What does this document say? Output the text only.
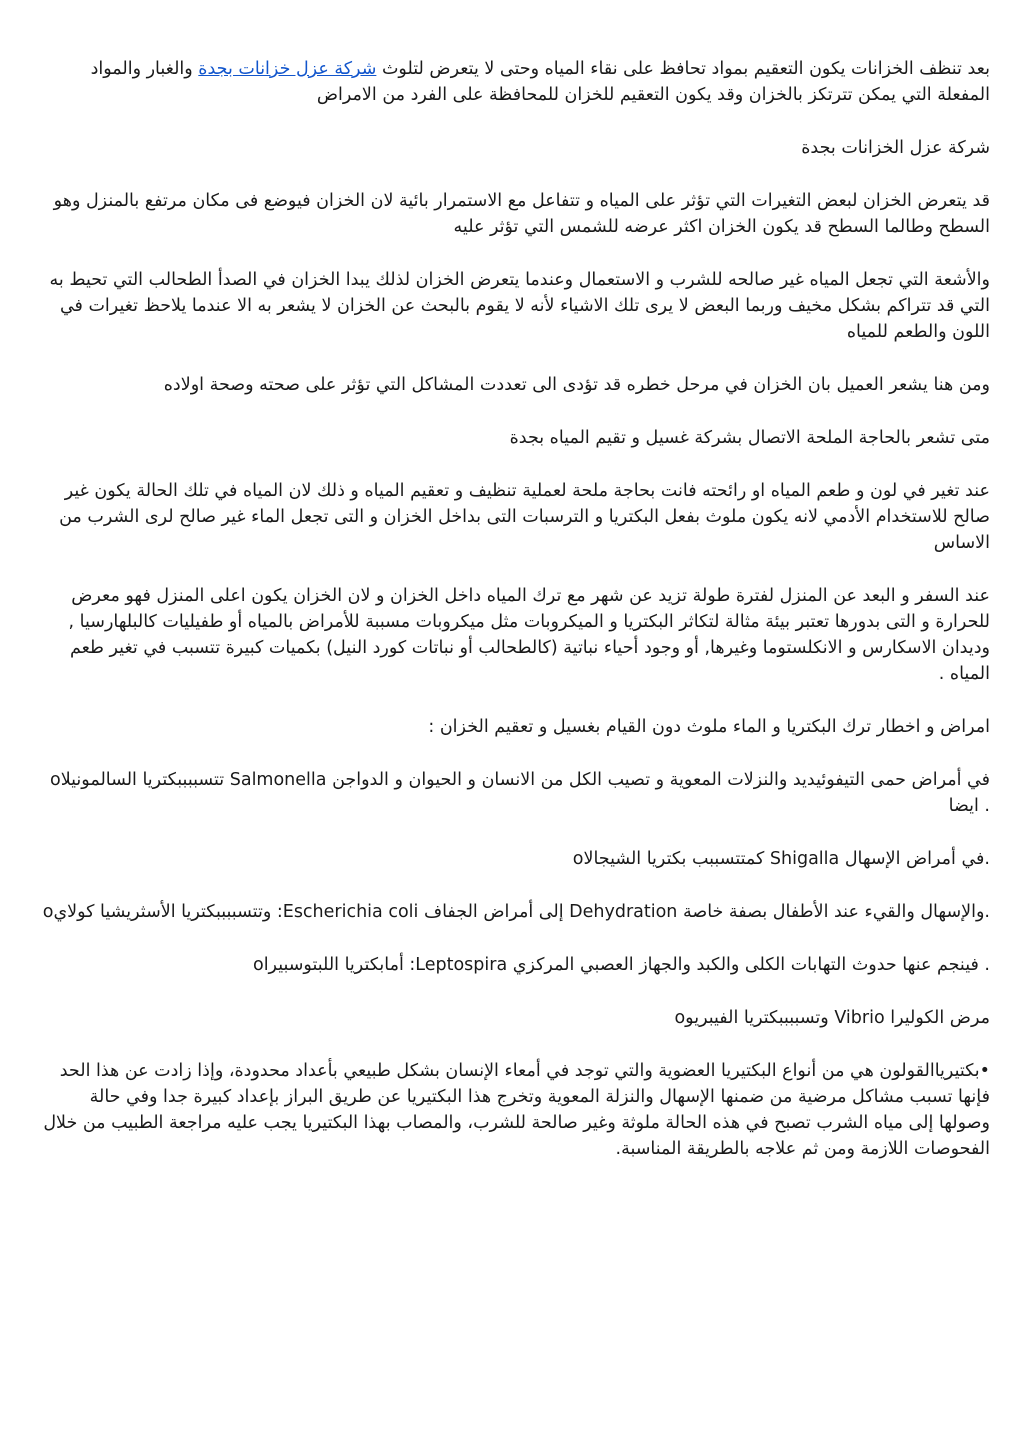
بعد تنظف الخزانات يكون التعقيم بمواد تحافظ على نقاء المياه وحتى لا يتعرض لتلوث شركة عزل خزانات بجدة والغبار والمواد المفعلة التي يمكن تترتكز بالخزان وقد يكون التعقيم للخزان للمحافظة على الفرد من الامراض

شركة عزل الخزانات بجدة

قد يتعرض الخزان لبعض التغيرات التي تؤثر على المياه و تتفاعل مع الاستمرار بائية لان الخزان فيوضع فى مكان مرتفع بالمنزل وهو السطح وطالما السطح قد يكون الخزان اكثر عرضه للشمس التي تؤثر عليه

والأشعة التي تجعل المياه غير صالحه للشرب و الاستعمال وعندما يتعرض الخزان لذلك يبدا الخزان في الصدأ الطحالب التي تحيط به التي قد تتراكم بشكل مخيف وربما البعض لا يرى تلك الاشياء لأنه لا يقوم بالبحث عن الخزان لا يشعر به الا عندما يلاحظ تغيرات في اللون والطعم للمياه

ومن هنا يشعر العميل بان الخزان في مرحل خطره قد تؤدى الى تعددت المشاكل التي تؤثر على صحته وصحة اولاده

متى تشعر بالحاجة الملحة الاتصال بشركة غسيل و تقيم المياه بجدة

عند تغير في لون و طعم المياه او رائحته فانت بحاجة ملحة لعملية تنظيف و تعقيم المياه و ذلك لان المياه في تلك الحالة يكون غير صالح للاستخدام الأدمي لانه يكون ملوث بفعل البكتريا و الترسبات التى بداخل الخزان و التى تجعل الماء غير صالح لرى الشرب من الاساس

عند السفر و البعد عن المنزل لفترة طولة تزيد عن شهر مع ترك المياه داخل الخزان و لان الخزان يكون اعلى المنزل فهو معرض للحرارة و التى بدورها تعتبر بيئة مثالة لتكاثر البكتريا و الميكروبات مثل ميكروبات مسببة للأمراض بالمياه أو طفيليات كالبلهارسيا , وديدان الاسكارس و الانكلستوما وغيرها, أو وجود أحياء نباتية (كالطحالب أو نباتات كورد النيل) بكميات كبيرة تتسبب في تغير طعم المياه .

امراض و اخطار ترك البكتريا و الماء ملوث دون القيام بغسيل و تعقيم الخزان :

oتتسببببكتريا السالمونيلا Salmonella في أمراض حمى التيفوئيديد والنزلات المعوية و تصيب الكل من الانسان و الحيوان و الدواجن ايضا .

oكمتتسببب بكتريا الشيجالا Shigalla في أمراض الإسهال.

oوتتسببببكتريا الأسثريشيا كولاي :Escherichia coli إلى أمراض الجفاف Dehydration والإسهال والقيء عند الأطفال بصفة خاصة.

oأمابكتريا اللبتوسبيرا :Leptospira فينجم عنها حدوث التهابات الكلى والكبد والجهاز العصبي المركزي .

oوتسببببكتريا الفيبريو Vibrio مرض الكوليرا

•بكتيرياالقولون هي من أنواع البكتيريا العضوية والتي توجد في أمعاء الإنسان بشكل طبيعي بأعداد محدودة، وإذا زادت عن هذا الحد فإنها تسبب مشاكل مرضية من ضمنها الإسهال والنزلة المعوية وتخرج هذا البكتيريا عن طريق البراز بإعداد كبيرة جدا وفي حالة وصولها إلى مياه الشرب تصبح في هذه الحالة ملوثة وغير صالحة للشرب، والمصاب بهذا البكتيريا يجب عليه مراجعة الطبيب من خلال الفحوصات اللازمة ومن ثم علاجه بالطريقة المناسبة.
